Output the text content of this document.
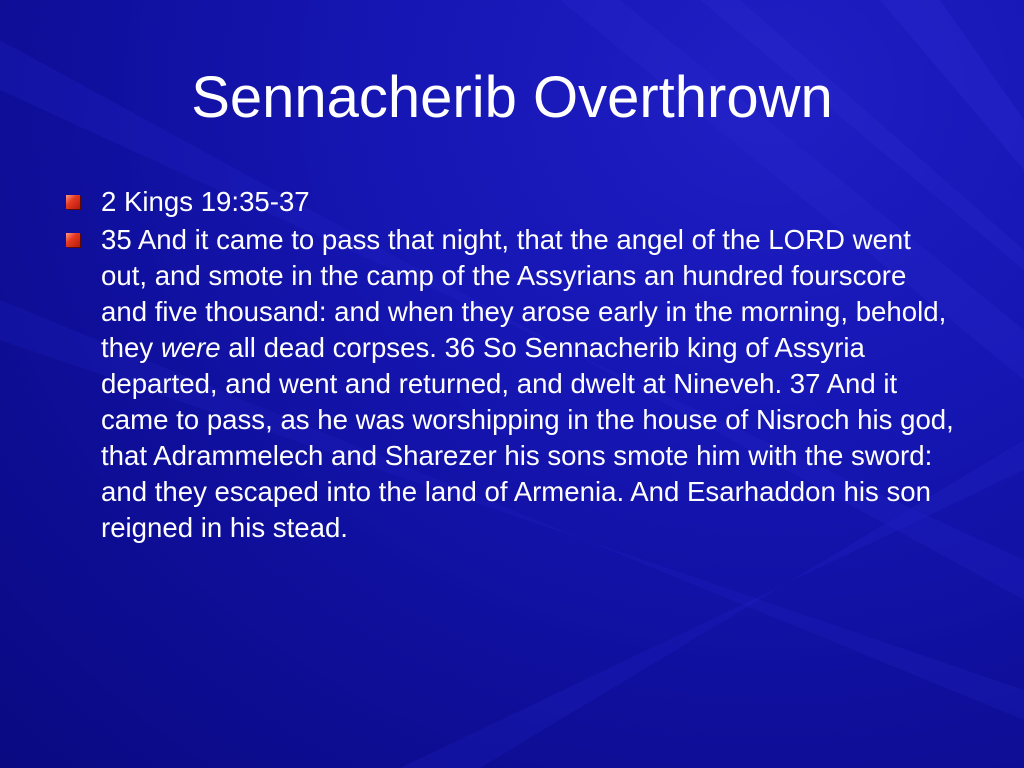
Sennacherib Overthrown
2 Kings 19:35-37
35 And it came to pass that night, that the angel of the LORD went out, and smote in the camp of the Assyrians an hundred fourscore and five thousand: and when they arose early in the morning, behold, they were all dead corpses. 36 So Sennacherib king of Assyria departed, and went and returned, and dwelt at Nineveh. 37 And it came to pass, as he was worshipping in the house of Nisroch his god, that Adrammelech and Sharezer his sons smote him with the sword: and they escaped into the land of Armenia. And Esarhaddon his son reigned in his stead.
